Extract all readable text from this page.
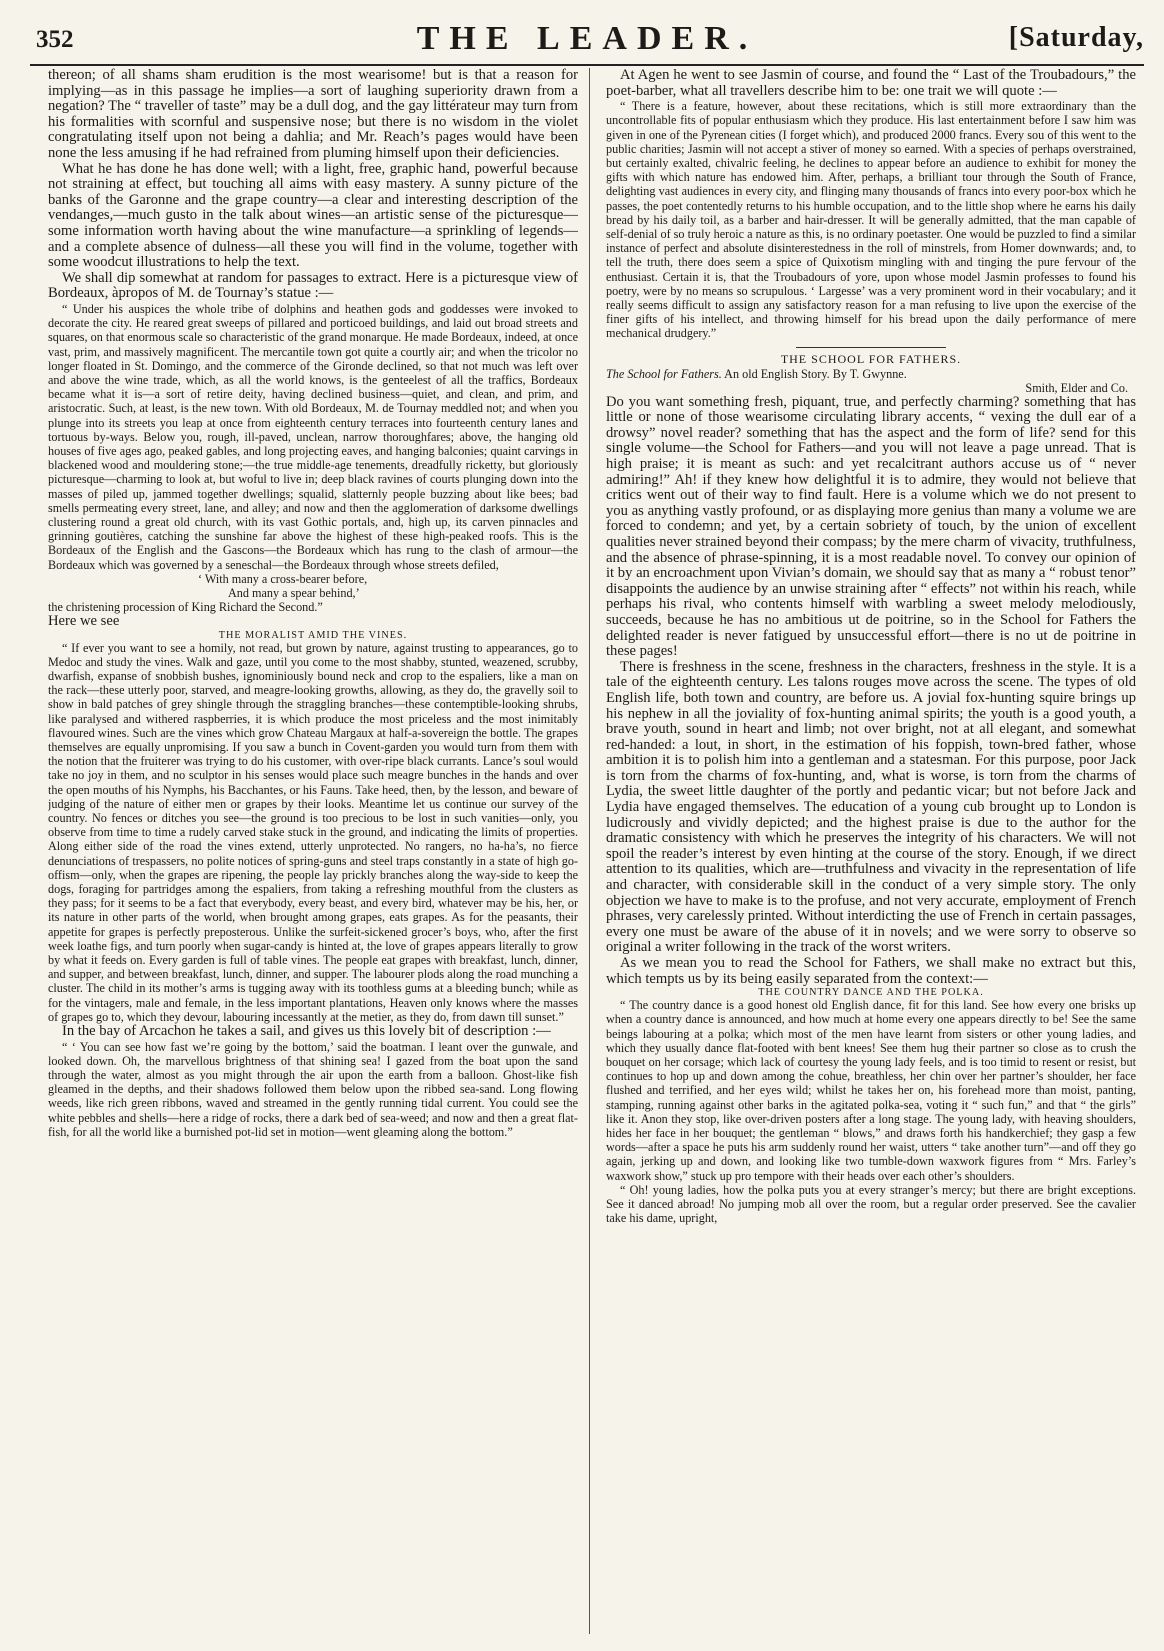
352	THE LEADER.	[Saturday,

thereon; of all shams sham erudition is the most wearisome! but is that a reason for implying—as in this passage he implies—a sort of laughing superiority drawn from a negation? The “ traveller of taste” may be a dull dog, and the gay littérateur may turn from his formalities with scornful and suspensive nose; but there is no wisdom in the violet congratulating itself upon not being a dahlia; and Mr. Reach’s pages would have been none the less amusing if he had refrained from pluming himself upon their deficiencies.

What he has done he has done well; with a light, free, graphic hand, powerful because not straining at effect, but touching all aims with easy mastery. A sunny picture of the banks of the Garonne and the grape country—a clear and interesting description of the vendanges,—much gusto in the talk about wines—an artistic sense of the picturesque—some information worth having about the wine manufacture—a sprinkling of legends—and a complete absence of dulness—all these you will find in the volume, together with some woodcut illustrations to help the text.

We shall dip somewhat at random for passages to extract. Here is a picturesque view of Bordeaux, àpropos of M. de Tournay’s statue :—

“ Under his auspices the whole tribe of dolphins and heathen gods and goddesses were invoked to decorate the city. He reared great sweeps of pillared and porticoed buildings, and laid out broad streets and squares, on that enormous scale so characteristic of the grand monarque. He made Bordeaux, indeed, at once vast, prim, and massively magnificent. The mercantile town got quite a courtly air; and when the tricolor no longer floated in St. Domingo, and the commerce of the Gironde declined, so that not much was left over and above the wine trade, which, as all the world knows, is the genteelest of all the traffics, Bordeaux became what it is—a sort of retire deity, having declined business—quiet, and clean, and prim, and aristocratic. Such, at least, is the new town. With old Bordeaux, M. de Tournay meddled not; and when you plunge into its streets you leap at once from eighteenth century terraces into fourteenth century lanes and tortuous by-ways. Below you, rough, ill-paved, unclean, narrow thoroughfares; above, the hanging old houses of five ages ago, peaked gables, and long projecting eaves, and hanging balconies; quaint carvings in blackened wood and mouldering stone;—the true middle-age tenements, dreadfully ricketty, but gloriously picturesque—charming to look at, but woful to live in; deep black ravines of courts plunging down into the masses of piled up, jammed together dwellings; squalid, slatternly people buzzing about like bees; bad smells permeating every street, lane, and alley; and now and then the agglomeration of darksome dwellings clustering round a great old church, with its vast Gothic portals, and, high up, its carven pinnacles and grinning goutières, catching the sunshine far above the highest of these high-peaked roofs. This is the Bordeaux of the English and the Gascons—the Bordeaux which has rung to the clash of armour—the Bordeaux which was governed by a seneschal—the Bordeaux through whose streets defiled,

‘ With many a cross-bearer before,

And many a spear behind,’

the christening procession of King Richard the Second.”

Here we see

THE MORALIST AMID THE VINES.

“ If ever you want to see a homily, not read, but grown by nature, against trusting to appearances, go to Medoc and study the vines. Walk and gaze, until you come to the most shabby, stunted, weazened, scrubby, dwarfish, expanse of snobbish bushes, ignominiously bound neck and crop to the espaliers, like a man on the rack—these utterly poor, starved, and meagre-looking growths, allowing, as they do, the gravelly soil to show in bald patches of grey shingle through the straggling branches—these contemptible-looking shrubs, like paralysed and withered raspberries, it is which produce the most priceless and the most inimitably flavoured wines. Such are the vines which grow Chateau Margaux at half-a-sovereign the bottle. The grapes themselves are equally unpromising. If you saw a bunch in Covent-garden you would turn from them with the notion that the fruiterer was trying to do his customer, with over-ripe black currants. Lance’s soul would take no joy in them, and no sculptor in his senses would place such meagre bunches in the hands and over the open mouths of his Nymphs, his Bacchantes, or his Fauns. Take heed, then, by the lesson, and beware of judging of the nature of either men or grapes by their looks. Meantime let us continue our survey of the country. No fences or ditches you see—the ground is too precious to be lost in such vanities—only, you observe from time to time a rudely carved stake stuck in the ground, and indicating the limits of properties. Along either side of the road the vines extend, utterly unprotected. No rangers, no ha-ha’s, no fierce denunciations of trespassers, no polite notices of spring-guns and steel traps constantly in a state of high go-offism—only, when the grapes are ripening, the people lay prickly branches along the way-side to keep the dogs, foraging for partridges among the espaliers, from taking a refreshing mouthful from the clusters as they pass; for it seems to be a fact that everybody, every beast, and every bird, whatever may be his, her, or its nature in other parts of the world, when brought among grapes, eats grapes. As for the peasants, their appetite for grapes is perfectly preposterous. Unlike the surfeit-sickened grocer’s boys, who, after the first week loathe figs, and turn poorly when sugar-candy is hinted at, the love of grapes appears literally to grow by what it feeds on. Every garden is full of table vines. The people eat grapes with breakfast, lunch, dinner, and supper, and between breakfast, lunch, dinner, and supper. The labourer plods along the road munching a cluster. The child in its mother’s arms is tugging away with its toothless gums at a bleeding bunch; while as for the vintagers, male and female, in the less important plantations, Heaven only knows where the masses of grapes go to, which they devour, labouring incessantly at the metier, as they do, from dawn till sunset.”

In the bay of Arcachon he takes a sail, and gives us this lovely bit of description :—

“ ‘ You can see how fast we’re going by the bottom,’ said the boatman. I leant over the gunwale, and looked down. Oh, the marvellous brightness of that shining sea! I gazed from the boat upon the sand through the water, almost as you might through the air upon the earth from a balloon. Ghost-like fish gleamed in the depths, and their shadows followed them below upon the ribbed sea-sand. Long flowing weeds, like rich green ribbons, waved and streamed in the gently running tidal current. You could see the white pebbles and shells—here a ridge of rocks, there a dark bed of sea-weed; and now and then a great flat-fish, for all the world like a burnished pot-lid set in motion—went gleaming along the bottom.”

At Agen he went to see Jasmin of course, and found the “ Last of the Troubadours,” the poet-barber, what all travellers describe him to be: one trait we will quote :—

“ There is a feature, however, about these recitations, which is still more extraordinary than the uncontrollable fits of popular enthusiasm which they produce. His last entertainment before I saw him was given in one of the Pyrenean cities (I forget which), and produced 2000 francs. Every sou of this went to the public charities; Jasmin will not accept a stiver of money so earned. With a species of perhaps overstrained, but certainly exalted, chivalric feeling, he declines to appear before an audience to exhibit for money the gifts with which nature has endowed him. After, perhaps, a brilliant tour through the South of France, delighting vast audiences in every city, and flinging many thousands of francs into every poor-box which he passes, the poet contentedly returns to his humble occupation, and to the little shop where he earns his daily bread by his daily toil, as a barber and hair-dresser. It will be generally admitted, that the man capable of self-denial of so truly heroic a nature as this, is no ordinary poetaster. One would be puzzled to find a similar instance of perfect and absolute disinterestedness in the roll of minstrels, from Homer downwards; and, to tell the truth, there does seem a spice of Quixotism mingling with and tinging the pure fervour of the enthusiast. Certain it is, that the Troubadours of yore, upon whose model Jasmin professes to found his poetry, were by no means so scrupulous. ‘ Largesse’ was a very prominent word in their vocabulary; and it really seems difficult to assign any satisfactory reason for a man refusing to live upon the exercise of the finer gifts of his intellect, and throwing himself for his bread upon the daily performance of mere mechanical drudgery.”

THE SCHOOL FOR FATHERS.

The School for Fathers. An old English Story. By T. Gwynne.

Smith, Elder and Co.

Do you want something fresh, piquant, true, and perfectly charming? something that has little or none of those wearisome circulating library accents, “ vexing the dull ear of a drowsy” novel reader? something that has the aspect and the form of life? send for this single volume—the School for Fathers—and you will not leave a page unread. That is high praise; it is meant as such: and yet recalcitrant authors accuse us of “ never admiring!” Ah! if they knew how delightful it is to admire, they would not believe that critics went out of their way to find fault. Here is a volume which we do not present to you as anything vastly profound, or as displaying more genius than many a volume we are forced to condemn; and yet, by a certain sobriety of touch, by the union of excellent qualities never strained beyond their compass; by the mere charm of vivacity, truthfulness, and the absence of phrase-spinning, it is a most readable novel. To convey our opinion of it by an encroachment upon Vivian’s domain, we should say that as many a “ robust tenor” disappoints the audience by an unwise straining after “ effects” not within his reach, while perhaps his rival, who contents himself with warbling a sweet melody melodiously, succeeds, because he has no ambitious ut de poitrine, so in the School for Fathers the delighted reader is never fatigued by unsuccessful effort—there is no ut de poitrine in these pages!

There is freshness in the scene, freshness in the characters, freshness in the style. It is a tale of the eighteenth century. Les talons rouges move across the scene. The types of old English life, both town and country, are before us. A jovial fox-hunting squire brings up his nephew in all the joviality of fox-hunting animal spirits; the youth is a good youth, a brave youth, sound in heart and limb; not over bright, not at all elegant, and somewhat red-handed: a lout, in short, in the estimation of his foppish, town-bred father, whose ambition it is to polish him into a gentleman and a statesman. For this purpose, poor Jack is torn from the charms of fox-hunting, and, what is worse, is torn from the charms of Lydia, the sweet little daughter of the portly and pedantic vicar; but not before Jack and Lydia have engaged themselves. The education of a young cub brought up to London is ludicrously and vividly depicted; and the highest praise is due to the author for the dramatic consistency with which he preserves the integrity of his characters. We will not spoil the reader’s interest by even hinting at the course of the story. Enough, if we direct attention to its qualities, which are—truthfulness and vivacity in the representation of life and character, with considerable skill in the conduct of a very simple story. The only objection we have to make is to the profuse, and not very accurate, employment of French phrases, very carelessly printed. Without interdicting the use of French in certain passages, every one must be aware of the abuse of it in novels; and we were sorry to observe so original a writer following in the track of the worst writers.

As we mean you to read the School for Fathers, we shall make no extract but this, which tempts us by its being easily separated from the context:—

THE COUNTRY DANCE AND THE POLKA.

“ The country dance is a good honest old English dance, fit for this land. See how every one brisks up when a country dance is announced, and how much at home every one appears directly to be! See the same beings labouring at a polka; which most of the men have learnt from sisters or other young ladies, and which they usually dance flat-footed with bent knees! See them hug their partner so close as to crush the bouquet on her corsage; which lack of courtesy the young lady feels, and is too timid to resent or resist, but continues to hop up and down among the cohue, breathless, her chin over her partner’s shoulder, her face flushed and terrified, and her eyes wild; whilst he takes her on, his forehead more than moist, panting, stamping, running against other barks in the agitated polka-sea, voting it “ such fun,” and that “ the girls” like it. Anon they stop, like over-driven posters after a long stage. The young lady, with heaving shoulders, hides her face in her bouquet; the gentleman “ blows,” and draws forth his handkerchief; they gasp a few words—after a space he puts his arm suddenly round her waist, utters “ take another turn”—and off they go again, jerking up and down, and looking like two tumble-down waxwork figures from “ Mrs. Farley’s waxwork show,” stuck up pro tempore with their heads over each other’s shoulders.

“ Oh! young ladies, how the polka puts you at every stranger’s mercy; but there are bright exceptions. See it danced abroad! No jumping mob all over the room, but a regular order preserved. See the cavalier take his dame, upright,
